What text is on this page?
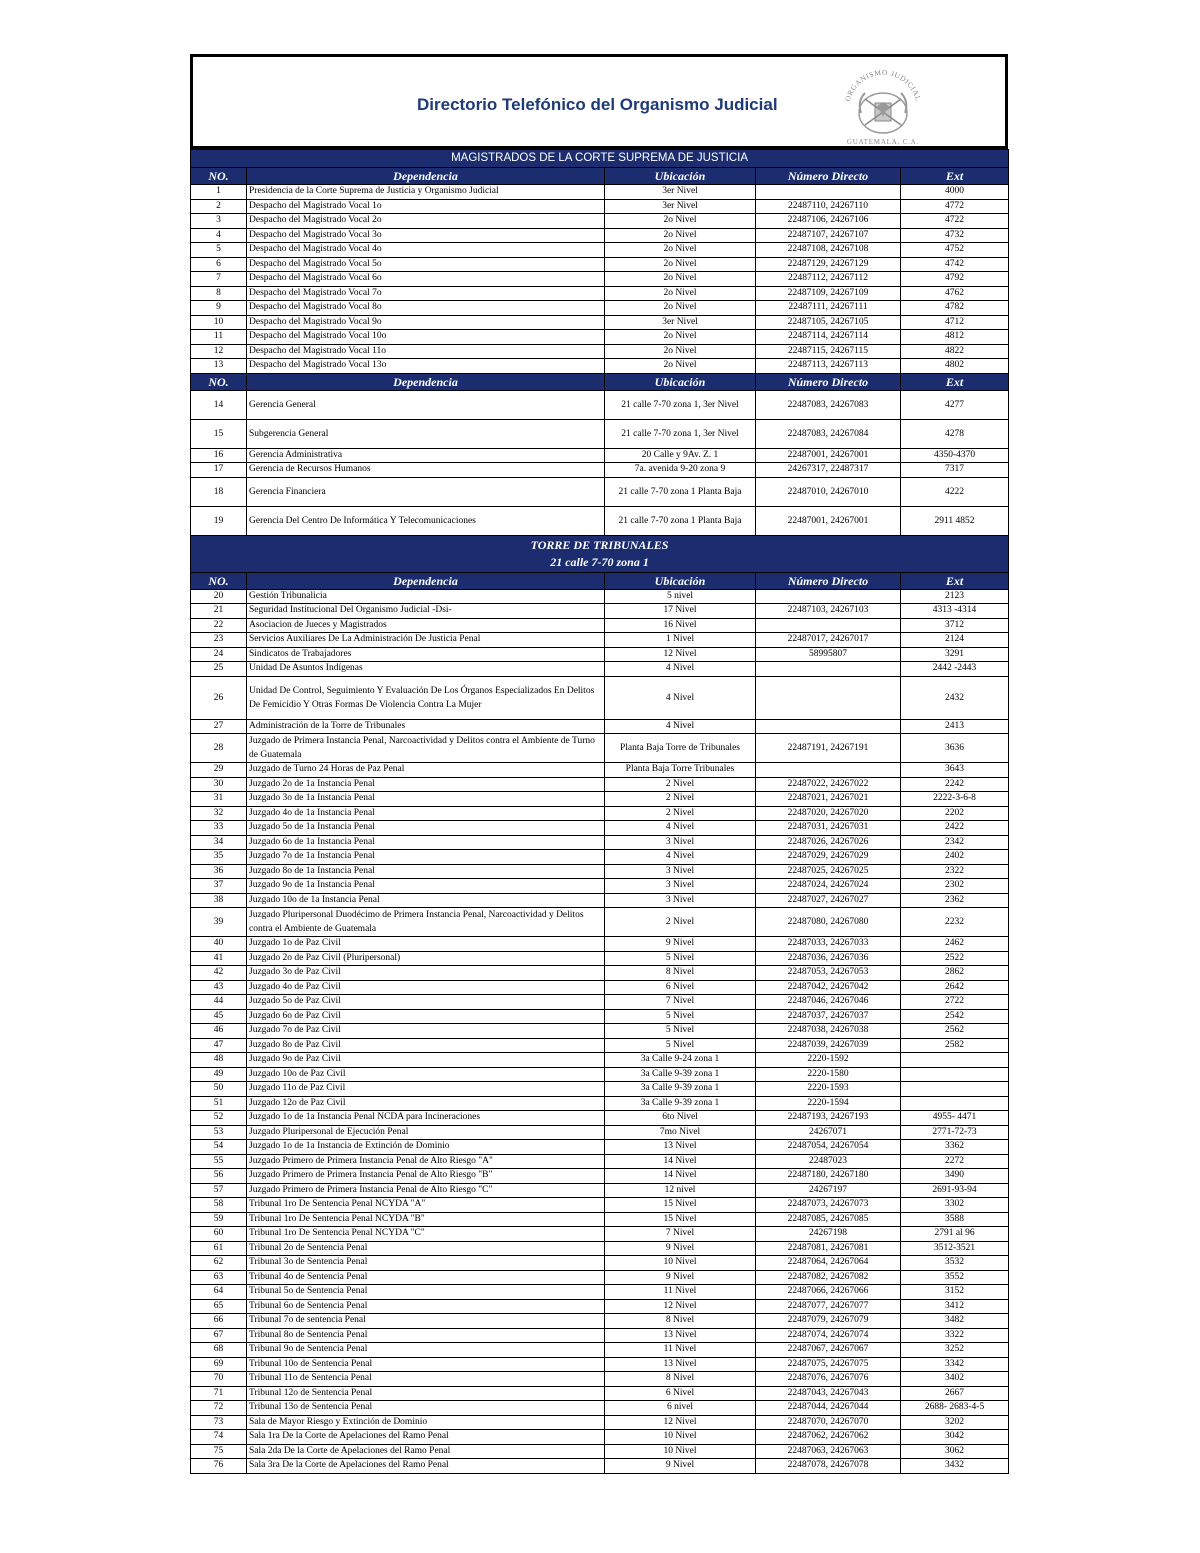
Directorio Telefónico del Organismo Judicial	ORGANISMO JUDICIAL
GUATEMALA, C.A.
MAGISTRADOS DE LA CORTE SUPREMA DE JUSTICIA				
NO.	Dependencia	Ubicación	Número Directo	Ext
1	Presidencia de la Corte Suprema de Justicia y Organismo Judicial	3er Nivel		4000
2	Despacho del Magistrado Vocal 1o	3er Nivel	22487110, 24267110	4772
3	Despacho del Magistrado Vocal 2o	2o Nivel	22487106, 24267106	4722
4	Despacho del Magistrado Vocal 3o	2o Nivel	22487107, 24267107	4732
5	Despacho del Magistrado Vocal 4o	2o Nivel	22487108, 24267108	4752
6	Despacho del Magistrado Vocal 5o	2o Nivel	22487129, 24267129	4742
7	Despacho del Magistrado Vocal 6o	2o Nivel	22487112, 24267112	4792
8	Despacho del Magistrado Vocal 7o	2o Nivel	22487109, 24267109	4762
9	Despacho del Magistrado Vocal 8o	2o Nivel	22487111, 24267111	4782
10	Despacho del Magistrado Vocal 9o	3er Nivel	22487105, 24267105	4712
11	Despacho del Magistrado Vocal 10o	2o Nivel	22487114, 24267114	4812
12	Despacho del Magistrado Vocal 11o	2o Nivel	22487115, 24267115	4822
13	Despacho del Magistrado Vocal 13o	2o Nivel	22487113, 24267113	4802
NO.	Dependencia	Ubicación	Número Directo	Ext
14	Gerencia General	21 calle 7-70 zona 1, 3er Nivel	22487083, 24267083	4277
15	Subgerencia General	21 calle 7-70 zona 1, 3er Nivel	22487083, 24267084	4278
16	Gerencia Administrativa	20 Calle y 9Av. Z. 1	22487001, 24267001	4350-4370
17	Gerencia de Recursos Humanos	7a. avenida 9-20 zona 9	24267317, 22487317	7317
18	Gerencia Financiera	21 calle 7-70 zona 1 Planta Baja	22487010, 24267010	4222
19	Gerencia Del Centro De Informática Y Telecomunicaciones	21 calle 7-70 zona 1 Planta Baja	22487001, 24267001	2911 4852

TORRE DE TRIBUNALES
21 calle 7-70 zona 1				

NO.	Dependencia	Ubicación	Número Directo	Ext
20	Gestión Tribunalicia	5 nivel		2123
21	Seguridad Institucional Del Organismo Judicial -Dsi-	17 Nivel	22487103, 24267103	4313 -4314
22	Asociacion de Jueces y Magistrados	16 Nivel		3712
23	Servicios Auxiliares De La Administración De Justicia Penal	1 Nivel	22487017, 24267017	2124
24	Sindicatos de Trabajadores	12 Nivel	58995807	3291
25	Unidad De Asuntos Indígenas	4 Nivel		2442 -2443
26	Unidad De Control, Seguimiento Y Evaluación De Los Órganos Especializados En Delitos De Femicidio Y Otras Formas De Violencia Contra La Mujer	4 Nivel		2432
27	Administración de la Torre de Tribunales	4 Nivel		2413
28	Juzgado de Primera Instancia Penal, Narcoactividad y Delitos contra el Ambiente de Turno de Guatemala	Planta Baja Torre de Tribunales	22487191, 24267191	3636
29	Juzgado de Turno 24 Horas de Paz Penal	Planta Baja Torre Tribunales		3643
30	Juzgado 2o de 1a Instancia Penal	2 Nivel	22487022, 24267022	2242
31	Juzgado 3o de 1a Instancia Penal	2 Nivel	22487021, 24267021	2222-3-6-8
32	Juzgado 4o de 1a Instancia Penal	2 Nivel	22487020, 24267020	2202
33	Juzgado 5o de 1a Instancia Penal	4 Nivel	22487031, 24267031	2422
34	Juzgado 6o de 1a Instancia Penal	3 Nivel	22487026, 24267026	2342
35	Juzgado 7o de 1a Instancia Penal	4 Nivel	22487029, 24267029	2402
36	Juzgado 8o de 1a Instancia Penal	3 Nivel	22487025, 24267025	2322
37	Juzgado 9o de 1a Instancia Penal	3 Nivel	22487024, 24267024	2302
38	Juzgado 10o de 1a Instancia Penal	3 Nivel	22487027, 24267027	2362
39	Juzgado Pluripersonal Duodécimo de Primera Instancia Penal, Narcoactividad y Delitos contra el Ambiente de Guatemala	2 Nivel	22487080, 24267080	2232
40	Juzgado 1o de Paz Civil	9 Nivel	22487033, 24267033	2462
41	Juzgado 2o de Paz Civil (Pluripersonal)	5 Nivel	22487036, 24267036	2522
42	Juzgado 3o de Paz Civil	8 Nivel	22487053, 24267053	2862
43	Juzgado 4o de Paz Civil	6 Nivel	22487042, 24267042	2642
44	Juzgado 5o de Paz Civil	7 Nivel	22487046, 24267046	2722
45	Juzgado 6o de Paz Civil	5 Nivel	22487037, 24267037	2542
46	Juzgado 7o de Paz Civil	5 Nivel	22487038, 24267038	2562
47	Juzgado 8o de Paz Civil	5 Nivel	22487039, 24267039	2582
48	Juzgado 9o de Paz Civil	3a Calle 9-24 zona 1	2220-1592	
49	Juzgado 10o de Paz Civil	3a Calle 9-39 zona 1	2220-1580	
50	Juzgado 11o de Paz Civil	3a Calle 9-39 zona 1	2220-1593	
51	Juzgado 12o de Paz Civil	3a Calle 9-39 zona 1	2220-1594	
52	Juzgado 1o de 1a Instancia Penal NCDA para Incineraciones	6to Nivel	22487193, 24267193	4955- 4471
53	Juzgado Pluripersonal de Ejecución Penal	7mo Nivel	24267071	2771-72-73
54	Juzgado 1o de 1a Instancia de Extinción de Dominio	13 Nivel	22487054, 24267054	3362
55	Juzgado Primero de Primera Instancia Penal de Alto Riesgo "A"	14 Nivel	22487023	2272
56	Juzgado Primero de Primera Instancia Penal de Alto Riesgo "B"	14 Nivel	22487180, 24267180	3490
57	Juzgado Primero de Primera Instancia Penal de Alto Riesgo "C"	12 nivel	24267197	2691-93-94
58	Tribunal 1ro De Sentencia Penal NCYDA "A"	15 Nivel	22487073, 24267073	3302
59	Tribunal 1ro De Sentencia Penal NCYDA "B"	15 Nivel	22487085, 24267085	3588
60	Tribunal 1ro De Sentencia Penal NCYDA "C"	7 Nivel	24267198	2791 al 96
61	Tribunal 2o de Sentencia Penal	9 Nivel	22487081, 24267081	3512-3521
62	Tribunal 3o de Sentencia Penal	10 Nivel	22487064, 24267064	3532
63	Tribunal 4o de Sentencia Penal	9 Nivel	22487082, 24267082	3552
64	Tribunal 5o de Sentencia Penal	11 Nivel	22487066, 24267066	3152
65	Tribunal 6o de Sentencia Penal	12 Nivel	22487077, 24267077	3412
66	Tribunal 7o de sentencia Penal	8 Nivel	22487079, 24267079	3482
67	Tribunal 8o de Sentencia Penal	13 Nivel	22487074, 24267074	3322
68	Tribunal 9o de Sentencia Penal	11 Nivel	22487067, 24267067	3252
69	Tribunal 10o de Sentencia Penal	13 Nivel	22487075, 24267075	3342
70	Tribunal 11o de Sentencia Penal	8 Nivel	22487076, 24267076	3402
71	Tribunal 12o de Sentencia Penal	6 Nivel	22487043, 24267043	2667
72	Tribunal 13o de Sentencia Penal	6 nivel	22487044, 24267044	2688- 2683-4-5
73	Sala de Mayor Riesgo y Extinción de Dominio	12 Nivel	22487070, 24267070	3202
74	Sala 1ra De la Corte de Apelaciones del Ramo Penal	10 Nivel	22487062, 24267062	3042
75	Sala 2da De la Corte de Apelaciones del Ramo Penal	10 Nivel	22487063, 24267063	3062
76	Sala 3ra De la Corte de Apelaciones del Ramo Penal	9 Nivel	22487078, 24267078	3432
